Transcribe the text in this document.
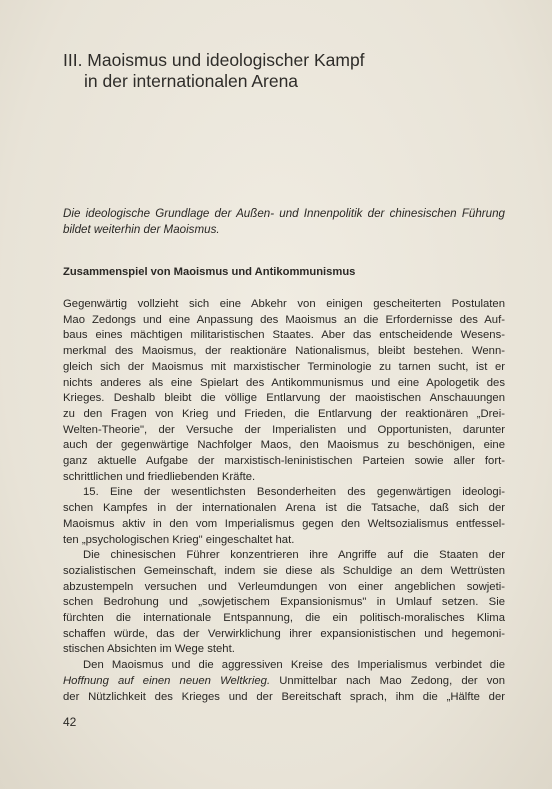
III. Maoismus und ideologischer Kampf
in der internationalen Arena
Die ideologische Grundlage der Außen- und Innenpolitik der chinesischen Führung bildet weiterhin der Maoismus.
Zusammenspiel von Maoismus und Antikommunismus

Gegenwärtig vollzieht sich eine Abkehr von einigen gescheiterten Postulaten
Mao Zedongs und eine Anpassung des Maoismus an die Erfordernisse des Auf-
baus eines mächtigen militaristischen Staates. Aber das entscheidende Wesens-
merkmal des Maoismus, der reaktionäre Nationalismus, bleibt bestehen. Wenn-
gleich sich der Maoismus mit marxistischer Terminologie zu tarnen sucht, ist er
nichts anderes als eine Spielart des Antikommunismus und eine Apologetik des
Krieges. Deshalb bleibt die völlige Entlarvung der maoistischen Anschauungen
zu den Fragen von Krieg und Frieden, die Entlarvung der reaktionären „Drei-
Welten-Theorie", der Versuche der Imperialisten und Opportunisten, darunter
auch der gegenwärtige Nachfolger Maos, den Maoismus zu beschönigen, eine
ganz aktuelle Aufgabe der marxistisch-leninistischen Parteien sowie aller fort-
schrittlichen und friedliebenden Kräfte.

15. Eine der wesentlichsten Besonderheiten des gegenwärtigen ideologi-
schen Kampfes in der internationalen Arena ist die Tatsache, daß sich der
Maoismus aktiv in den vom Imperialismus gegen den Weltsozialismus entfessel-
ten „psychologischen Krieg" eingeschaltet hat.

Die chinesischen Führer konzentrieren ihre Angriffe auf die Staaten der
sozialistischen Gemeinschaft, indem sie diese als Schuldige an dem Wettrüsten
abzustempeln versuchen und Verleumdungen von einer angeblichen sowjeti-
schen Bedrohung und „sowjetischem Expansionismus" in Umlauf setzen. Sie
fürchten die internationale Entspannung, die ein politisch-moralisches Klima
schaffen würde, das der Verwirklichung ihrer expansionistischen und hegemoni-
stischen Absichten im Wege steht.

Den Maoismus und die aggressiven Kreise des Imperialismus verbindet die
Hoffnung auf einen neuen Weltkrieg. Unmittelbar nach Mao Zedong, der von
der Nützlichkeit des Krieges und der Bereitschaft sprach, ihm die „Hälfte der

42
